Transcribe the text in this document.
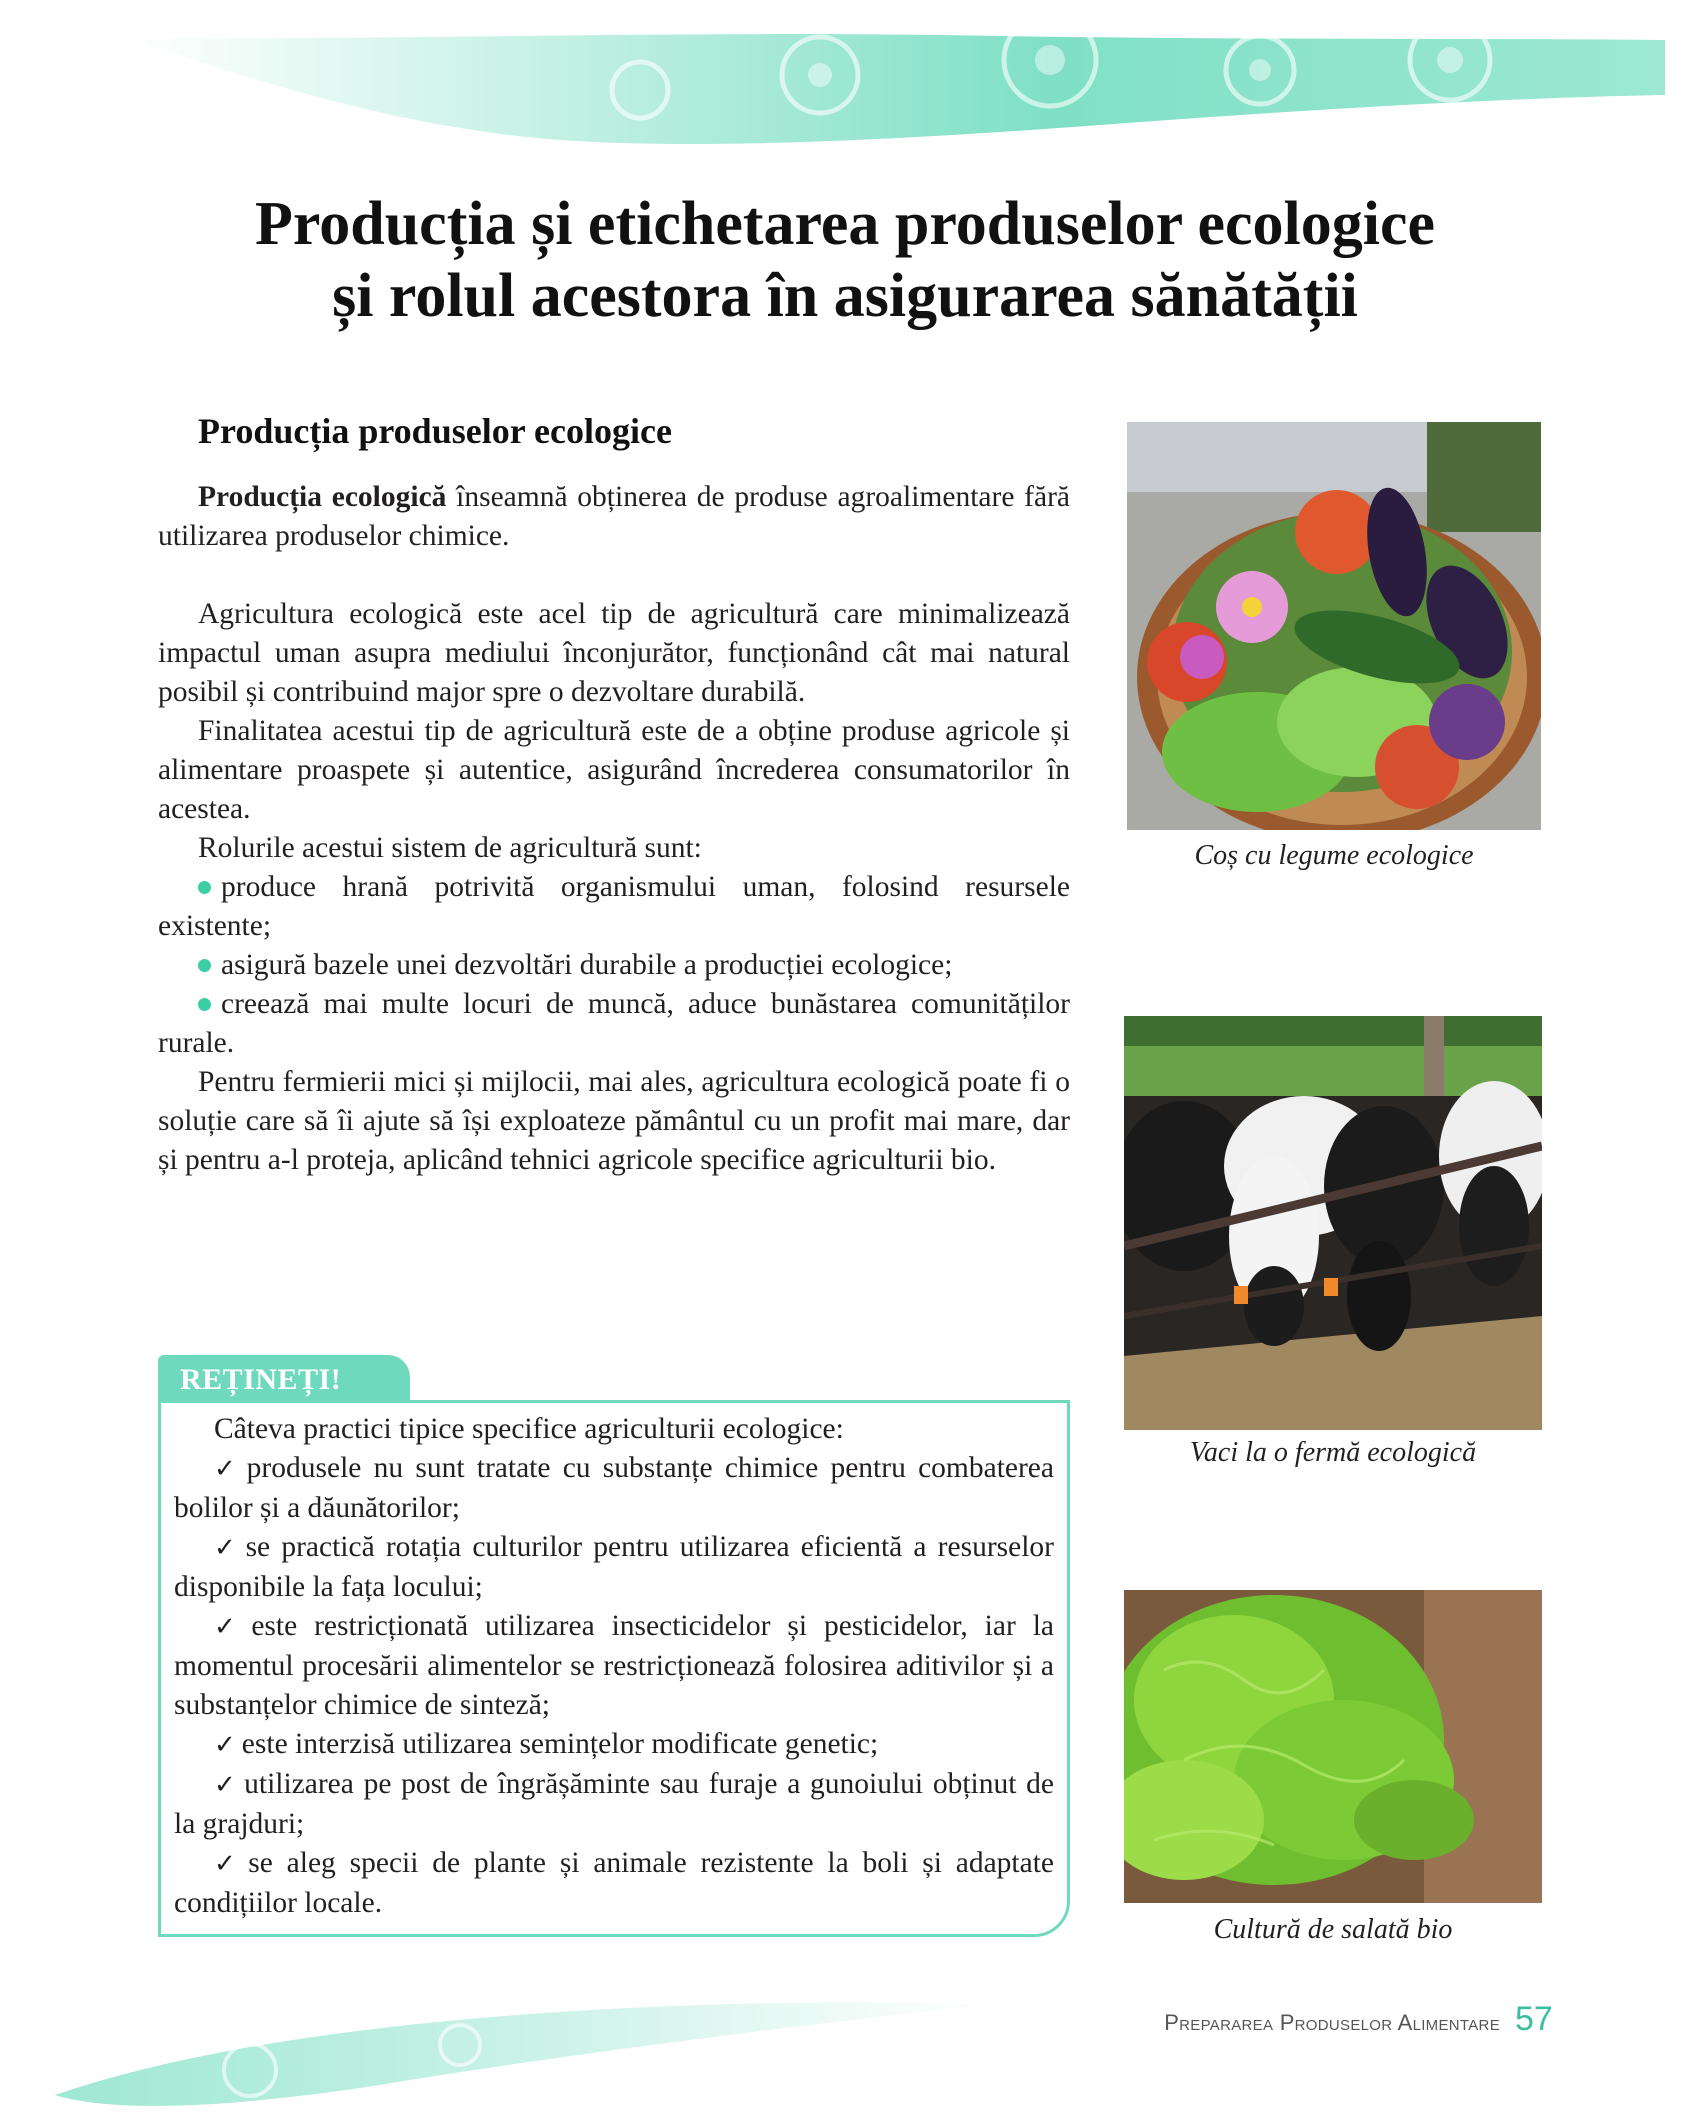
Producția și etichetarea produselor ecologice
și rolul acestora în asigurarea sănătății
Producția produselor ecologice

Producția ecologică înseamnă obținerea de produse agroalimentare fără utilizarea produselor chimice.

Agricultura ecologică este acel tip de agricultură care minimalizează impactul uman asupra mediului înconjurător, funcționând cât mai natural posibil și contribuind major spre o dezvoltare durabilă.

Finalitatea acestui tip de agricultură este de a obține produse agricole și alimentare proaspete și autentice, asigurând încrederea consumatorilor în acestea.

Rolurile acestui sistem de agricultură sunt:

produce hrană potrivită organismului uman, folosind resursele existente;

asigură bazele unei dezvoltări durabile a producției ecologice;

creează mai multe locuri de muncă, aduce bunăstarea comunităților rurale.

Pentru fermierii mici și mijlocii, mai ales, agricultura ecologică poate fi o soluție care să îi ajute să își exploateze pământul cu un profit mai mare, dar și pentru a-l proteja, aplicând tehnici agricole specifice agriculturii bio.

REȚINEȚI!

Câteva practici tipice specifice agriculturii ecologice:

✓ produsele nu sunt tratate cu substanțe chimice pentru combaterea bolilor și a dăunătorilor;

✓ se practică rotația culturilor pentru utilizarea eficientă a resurselor disponibile la fața locului;

✓ este restricționată utilizarea insecticidelor și pesticidelor, iar la momentul procesării alimentelor se restricționează folosirea aditivilor și a substanțelor chimice de sinteză;

✓ este interzisă utilizarea semințelor modificate genetic;

✓ utilizarea pe post de îngrășăminte sau furaje a gunoiului obținut de la grajduri;

✓ se aleg specii de plante și animale rezistente la boli și adaptate condițiilor locale.

Coș cu legume ecologice
Vaci la o fermă ecologică
Cultură de salată bio
Prepararea Produselor Alimentare 57
